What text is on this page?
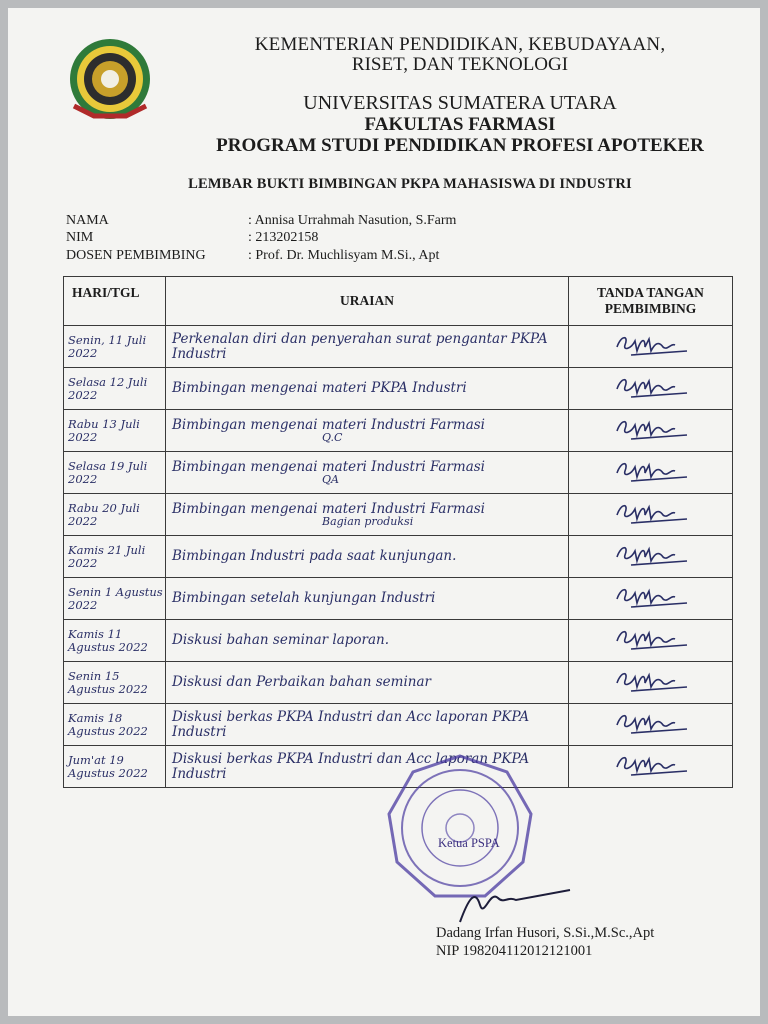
KEMENTERIAN PENDIDIKAN, KEBUDAYAAN,
RISET, DAN TEKNOLOGI
UNIVERSITAS SUMATERA UTARA
FAKULTAS FARMASI
PROGRAM STUDI PENDIDIKAN PROFESI APOTEKER
LEMBAR BUKTI BIMBINGAN PKPA MAHASISWA DI INDUSTRI
NAMA	: Annisa Urrahmah Nasution, S.Farm
NIM	: 213202158
DOSEN PEMBIMBING	: Prof. Dr. Muchlisyam M.Si., Apt
HARI/TGL	URAIAN	TANDA TANGAN PEMBIMBING
Senin, 11 Juli 2022	Perkenalan diri dan penyerahan surat pengantar PKPA Industri	
Selasa 12 Juli 2022	Bimbingan mengenai materi PKPA Industri	
Rabu 13 Juli 2022	Bimbingan mengenai materi Industri Farmasi
Q.C

Selasa 19 Juli 2022	Bimbingan mengenai materi Industri Farmasi
QA

Rabu 20 Juli 2022	Bimbingan mengenai materi Industri Farmasi
Bagian produksi

Kamis 21 Juli 2022	Bimbingan Industri pada saat kunjungan.	
Senin 1 Agustus 2022	Bimbingan setelah kunjungan Industri	
Kamis 11 Agustus 2022	Diskusi bahan seminar laporan.	
Senin 15 Agustus 2022	Diskusi dan Perbaikan bahan seminar	
Kamis 18 Agustus 2022	Diskusi berkas PKPA Industri dan Acc laporan PKPA Industri	
Jum'at 19 Agustus 2022	Diskusi berkas PKPA Industri dan Acc laporan PKPA Industri	
Ketua PSPA
Dadang Irfan Husori, S.Si.,M.Sc.,Apt
NIP 198204112012121001
